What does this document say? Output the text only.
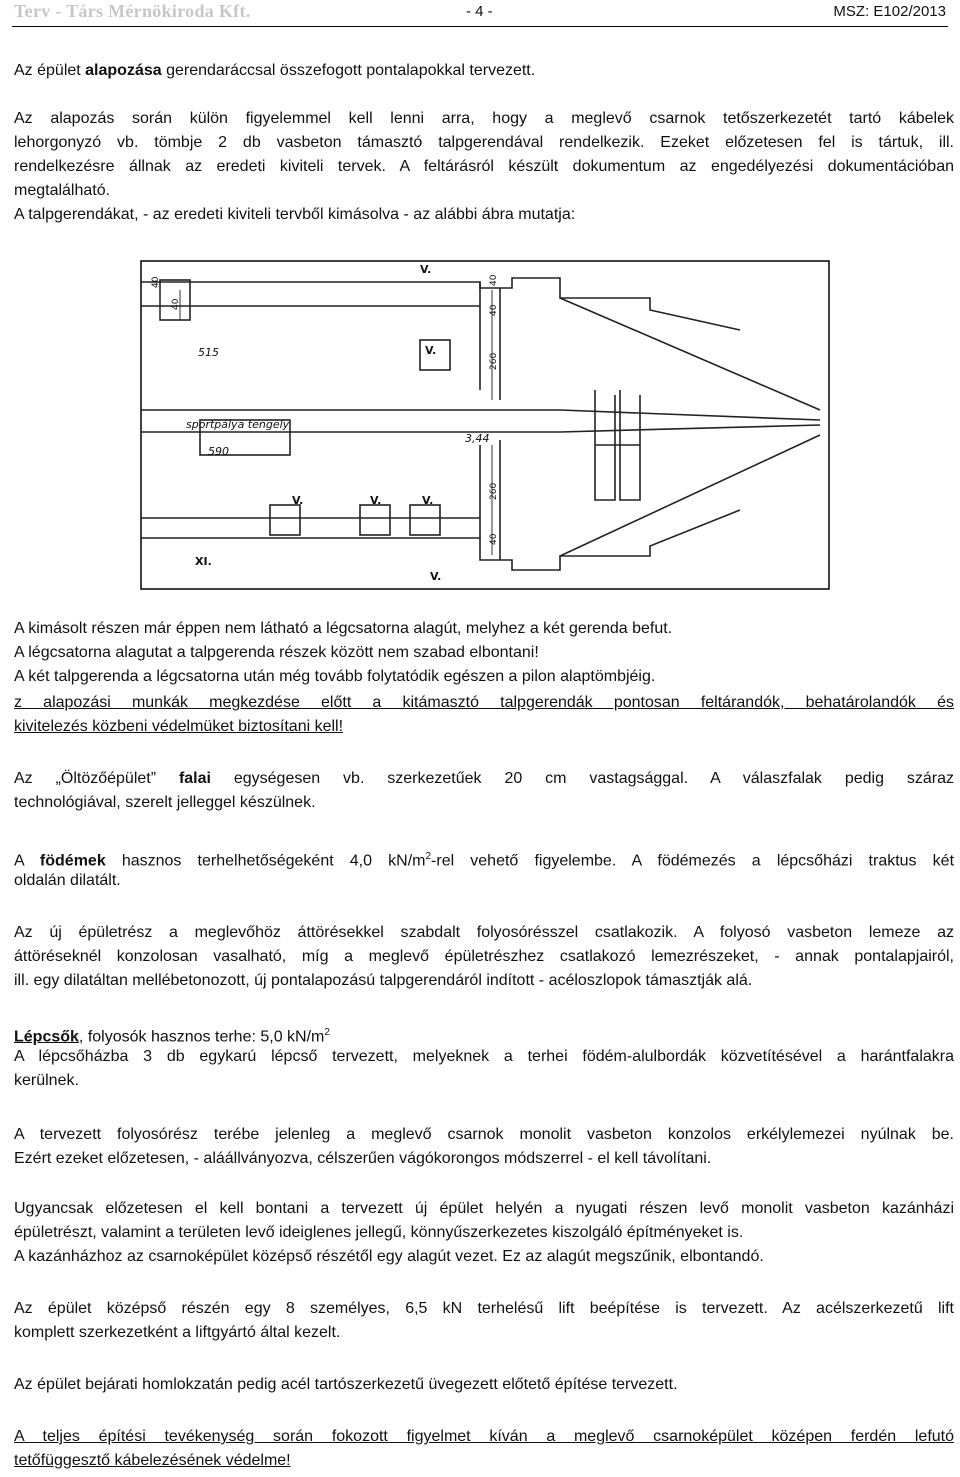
Terv - Társ Mérnökiroda Kft.	- 4 -	MSZ: E102/2013
Az épület alapozása gerendaráccsal összefogott pontalapokkal tervezett.
Az alapozás során külön figyelemmel kell lenni arra, hogy a meglevő csarnok tetőszerkezetét tartó kábelek
lehorgonyzó vb. tömbje 2 db vasbeton támasztó talpgerendával rendelkezik. Ezeket előzetesen fel is tártuk, ill.
rendelkezésre állnak az eredeti kiviteli tervek. A feltárásról készült dokumentum az engedélyezési dokumentációban
megtalálható.
A talpgerendákat, - az eredeti kiviteli tervből kimásolva - az alábbi ábra mutatja:
V.
V.
V.	V.	V.
V.
XI.
515
590
sportpálya tengely
3,44
40
40
40
40
40
260
260
A kimásolt részen már éppen nem látható a légcsatorna alagút, melyhez a két gerenda befut.
A légcsatorna alagutat a talpgerenda részek között nem szabad elbontani!
A két talpgerenda a légcsatorna után még tovább folytatódik egészen a pilon alaptömbjéig.
z alapozási munkák megkezdése előtt a kitámasztó talpgerendák pontosan feltárandók, behatárolandók és
kivitelezés közbeni védelmüket biztosítani kell!
Az „Öltözőépület” falai egységesen vb. szerkezetűek 20 cm vastagsággal. A válaszfalak pedig száraz
technológiával, szerelt jelleggel készülnek.
A födémek hasznos terhelhetőségeként 4,0 $kN/m^2$-rel vehető figyelembe. A födémezés a lépcsőházi traktus két
oldalán dilatált.
Az új épületrész a meglevőhöz áttörésekkel szabdalt folyosórésszel csatlakozik. A folyosó vasbeton lemeze az
áttöréseknél konzolosan vasalható, míg a meglevő épületrészhez csatlakozó lemezrészeket, - annak pontalapjairól,
ill. egy dilatáltan mellébetonozott, új pontalapozású talpgerendáról indított - acéloszlopok támasztják alá.
Lépcsők, folyosók hasznos terhe: 5,0 $kN/m^2$
A lépcsőházba 3 db egykarú lépcső tervezett, melyeknek a terhei födém-alulbordák közvetítésével a harántfalakra
kerülnek.
A tervezett folyosórész terébe jelenleg a meglevő csarnok monolit vasbeton konzolos erkélylemezei nyúlnak be.
Ezért ezeket előzetesen, - aláállványozva, célszerűen vágókorongos módszerrel - el kell távolítani.
Ugyancsak előzetesen el kell bontani a tervezett új épület helyén a nyugati részen levő monolit vasbeton kazánházi
épületrészt, valamint a területen levő ideiglenes jellegű, könnyűszerkezetes kiszolgáló építményeket is.
A kazánházhoz az csarnoképület középső részétől egy alagút vezet. Ez az alagút megszűnik, elbontandó.
Az épület középső részén egy 8 személyes, 6,5 kN terhelésű lift beépítése is tervezett. Az acélszerkezetű lift
komplett szerkezetként a liftgyártó által kezelt.
Az épület bejárati homlokzatán pedig acél tartószerkezetű üvegezett előtető építése tervezett.
A teljes építési tevékenység során fokozott figyelmet kíván a meglevő csarnoképület középen ferdén lefutó
tetőfüggesztő kábelezésének védelme!
